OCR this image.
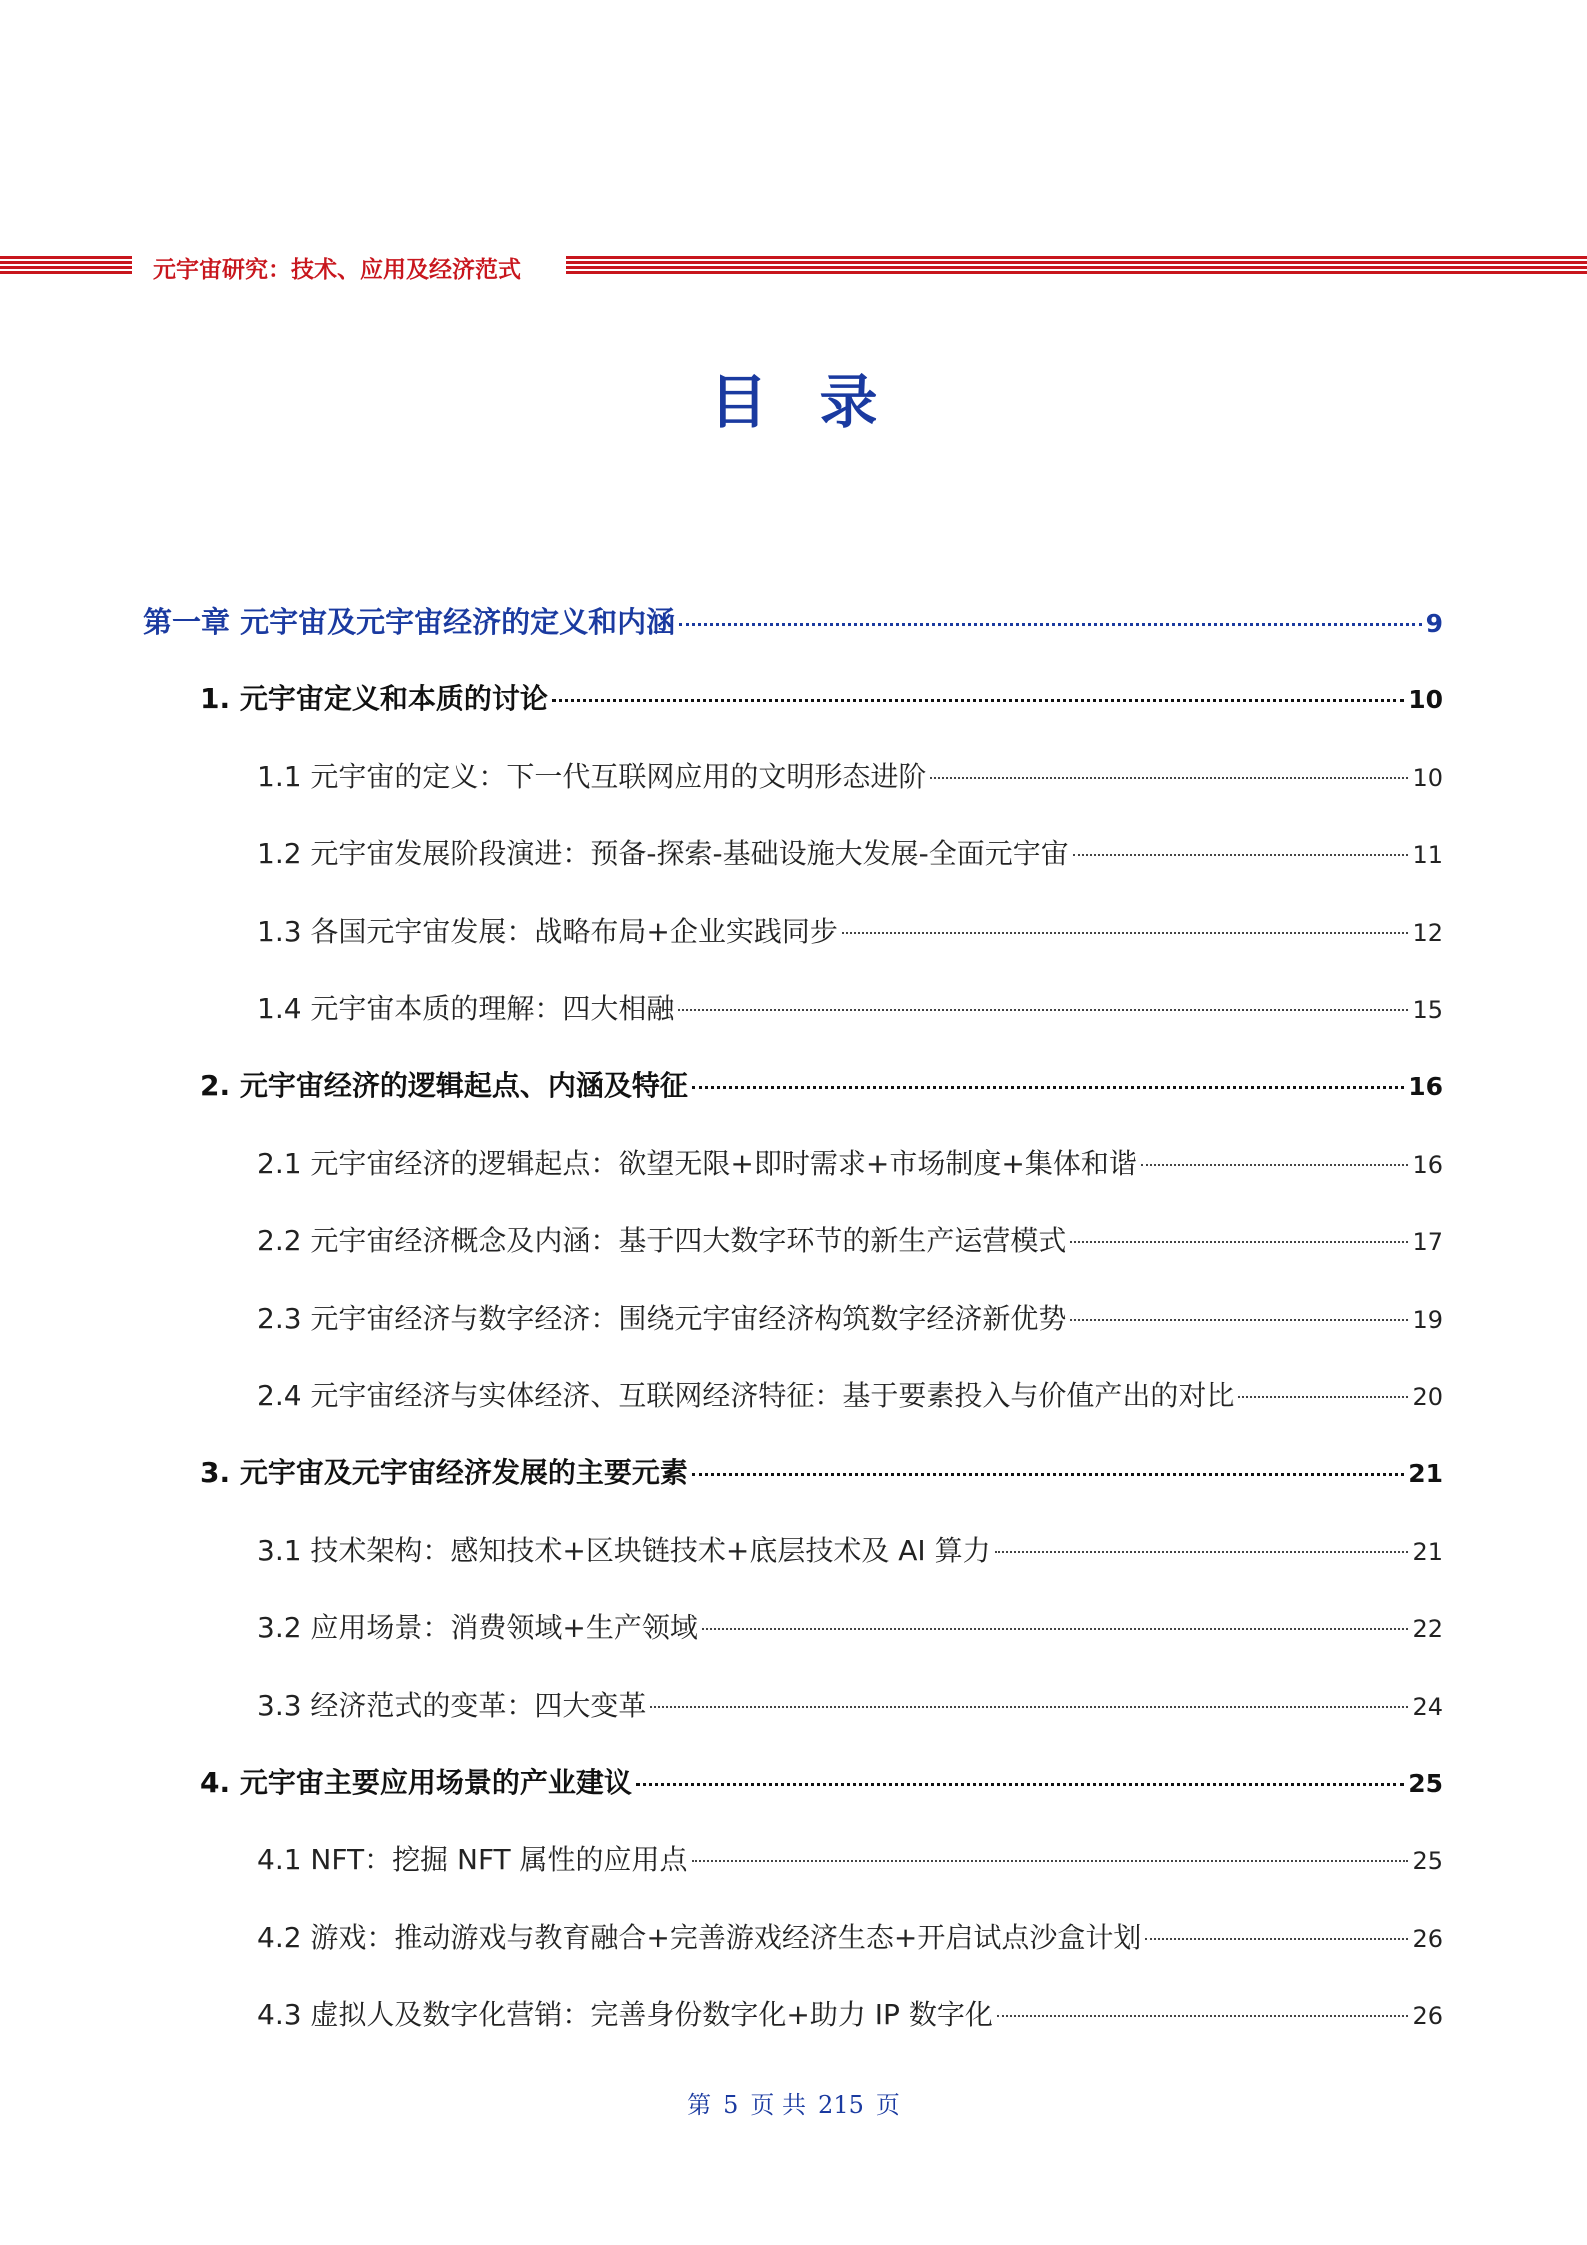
元宇宙研究：技术、应用及经济范式
目录
第一章 元宇宙及元宇宙经济的定义和内涵	9
1. 元宇宙定义和本质的讨论	10
1.1 元宇宙的定义：下一代互联网应用的文明形态进阶	10
1.2 元宇宙发展阶段演进：预备-探索-基础设施大发展-全面元宇宙	11
1.3 各国元宇宙发展：战略布局+企业实践同步	12
1.4 元宇宙本质的理解：四大相融	15
2. 元宇宙经济的逻辑起点、内涵及特征	16
2.1 元宇宙经济的逻辑起点：欲望无限+即时需求+市场制度+集体和谐	16
2.2 元宇宙经济概念及内涵：基于四大数字环节的新生产运营模式	17
2.3 元宇宙经济与数字经济：围绕元宇宙经济构筑数字经济新优势	19
2.4 元宇宙经济与实体经济、互联网经济特征：基于要素投入与价值产出的对比	20
3. 元宇宙及元宇宙经济发展的主要元素	21
3.1 技术架构：感知技术+区块链技术+底层技术及 AI 算力	21
3.2 应用场景：消费领域+生产领域	22
3.3 经济范式的变革：四大变革	24
4. 元宇宙主要应用场景的产业建议	25
4.1 NFT：挖掘 NFT 属性的应用点	25
4.2 游戏：推动游戏与教育融合+完善游戏经济生态+开启试点沙盒计划	26
4.3 虚拟人及数字化营销：完善身份数字化+助力 IP 数字化	26
第 5 页 共 215 页
